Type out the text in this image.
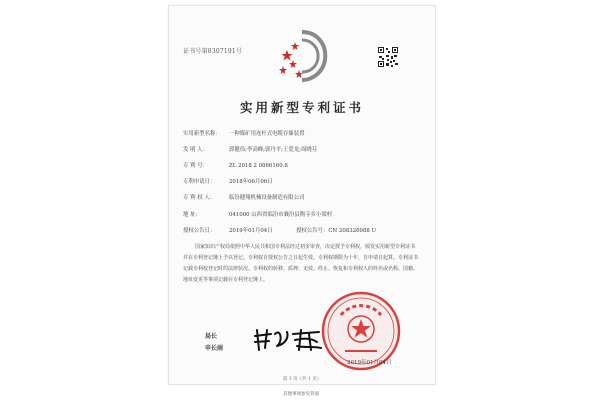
证书号第8307191号
实用新型专利证书
实用新型名称： 一种煤矿用连杆式电缆存储装置
发 明 人：	郭健伟;李高峰;郭丹平;王爱龙;周晓芬
专 利 号：	ZL 2018 2 0866160.8
专利申请日：	2018年06月06日
专 利 权 人：	临汾健翔机械设备制造有限公司
地 址：	041000 山西省临汾市襄汾县陶寺乡小梁村
授权公告日：	2019年01月04日	授权公告号：CN 208326988 U
国家知识产权局依照中华人民共和国专利法经过初步审查，决定授予专利权，颁发实用新型专利证书并在专利登记簿上予以登记。专利权自授权公告之日起生效。专利权期限为十年，自申请日起算。专利证书记载专利权登记时的法律状况。专利权的转移、质押、无效、终止、恢复和专利权人的姓名或名称、国籍、地址变更等事项记载在专利登记簿上。
局长
申长雨
2019年01月04日
第 1 页（共 1 页）
其他事项参见背面
